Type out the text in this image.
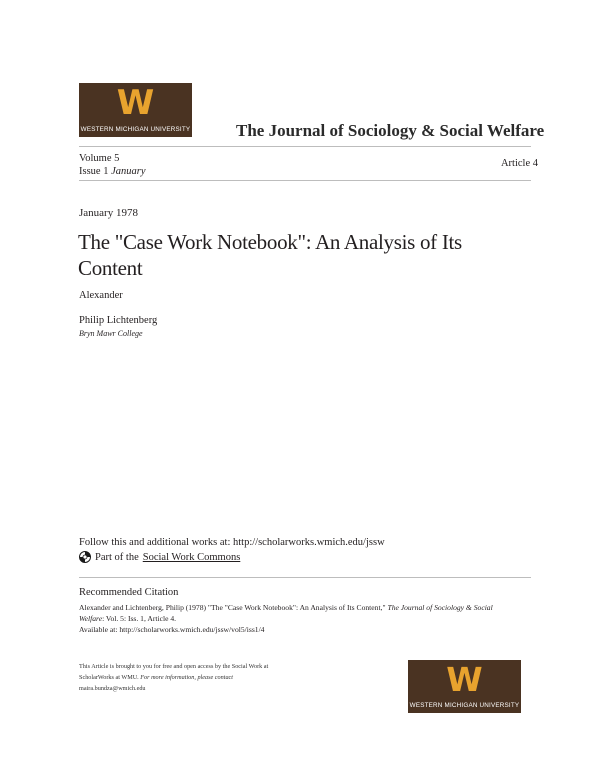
W
WESTERN MICHIGAN UNIVERSITY	The Journal of Sociology & Social Welfare
Volume 5
Issue 1 January
Article 4
January 1978
The "Case Work Notebook": An Analysis of Its
Content
Alexander
Philip Lichtenberg
Bryn Mawr College
Follow this and additional works at: http://scholarworks.wmich.edu/jssw
Part of the Social Work Commons
Recommended Citation
Alexander and Lichtenberg, Philip (1978) "The "Case Work Notebook": An Analysis of Its Content," The Journal of Sociology & Social
Welfare: Vol. 5: Iss. 1, Article 4.
Available at: http://scholarworks.wmich.edu/jssw/vol5/iss1/4
This Article is brought to you for free and open access by the Social Work at
ScholarWorks at WMU. For more information, please contact
maira.bundza@wmich.edu	W
WESTERN MICHIGAN UNIVERSITY
